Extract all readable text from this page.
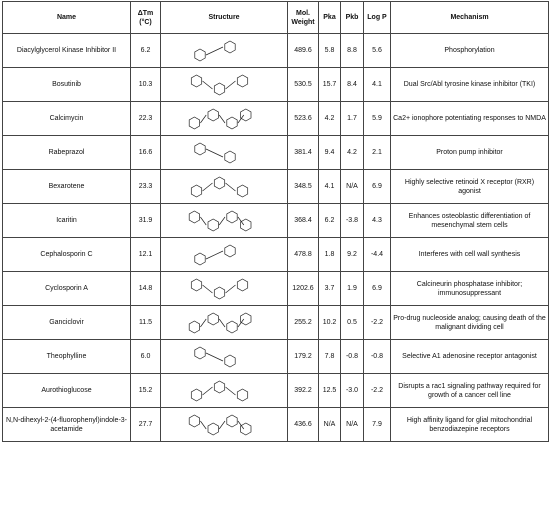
Name	ΔTm (°C)	Structure	Mol. Weight	Pka	Pkb	Log P	Mechanism
Diacylglycerol Kinase Inhibitor II	6.2		489.6	5.8	8.8	5.6	Phosphorylation
Bosutinib	10.3		530.5	15.7	8.4	4.1	Dual Src/Abl tyrosine kinase inhibitor (TKI)
Calcimycin	22.3		523.6	4.2	1.7	5.9	Ca2+ ionophore potentiating responses to NMDA
Rabeprazol	16.6		381.4	9.4	4.2	2.1	Proton pump inhibitor
Bexarotene	23.3		348.5	4.1	N/A	6.9	Highly selective retinoid X receptor (RXR) agonist
Icaritin	31.9		368.4	6.2	-3.8	4.3	Enhances osteoblastic differentiation of mesenchymal stem cells
Cephalosporin C	12.1		478.8	1.8	9.2	-4.4	Interferes with cell wall synthesis
Cyclosporin A	14.8		1202.6	3.7	1.9	6.9	Calcineurin phosphatase inhibitor; immunosuppressant
Ganciclovir	11.5		255.2	10.2	0.5	-2.2	Pro-drug nucleoside analog; causing death of the malignant dividing cell
Theophylline	6.0		179.2	7.8	-0.8	-0.8	Selective A1 adenosine receptor antagonist
Aurothioglucose	15.2		392.2	12.5	-3.0	-2.2	Disrupts a rac1 signaling pathway required for growth of a cancer cell line
N,N-dihexyl-2-(4-fluorophenyl)indole-3-acetamide	27.7		436.6	N/A	N/A	7.9	High affinity ligand for glial mitochondrial benzodiazepine receptors
